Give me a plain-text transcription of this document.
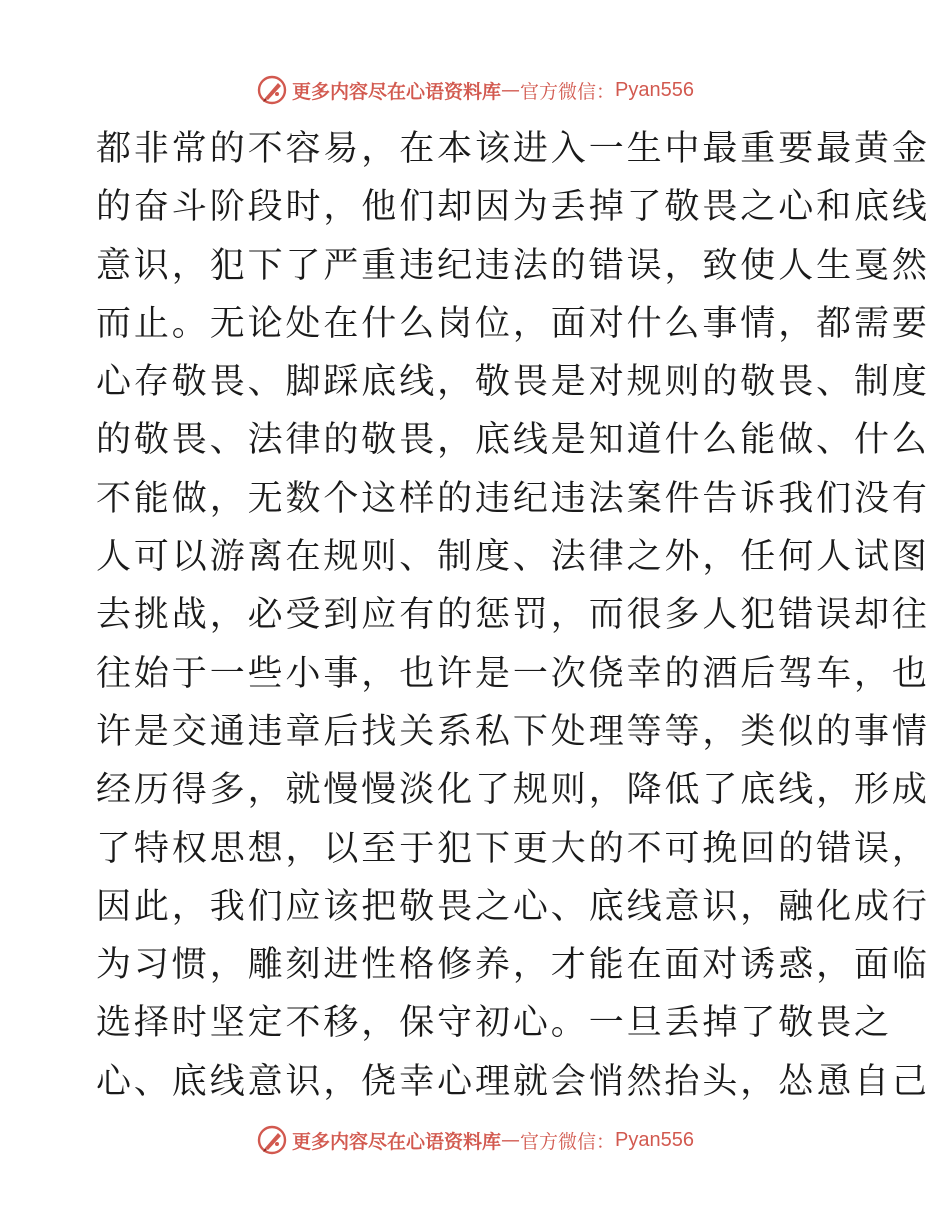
更多内容尽在心语资料库 — 官方微信： Pyan556
都非常的不容易，在本该进入一生中最重要最黄金
的奋斗阶段时，他们却因为丢掉了敬畏之心和底线
意识，犯下了严重违纪违法的错误，致使人生戛然
而止。无论处在什么岗位，面对什么事情，都需要
心存敬畏、脚踩底线，敬畏是对规则的敬畏、制度
的敬畏、法律的敬畏，底线是知道什么能做、什么
不能做，无数个这样的违纪违法案件告诉我们没有
人可以游离在规则、制度、法律之外，任何人试图
去挑战，必受到应有的惩罚，而很多人犯错误却往
往始于一些小事，也许是一次侥幸的酒后驾车，也
许是交通违章后找关系私下处理等等，类似的事情
经历得多，就慢慢淡化了规则，降低了底线，形成
了特权思想，以至于犯下更大的不可挽回的错误，
因此，我们应该把敬畏之心、底线意识，融化成行
为习惯，雕刻进性格修养，才能在面对诱惑，面临
选择时坚定不移，保守初心。一旦丢掉了敬畏之
心、底线意识，侥幸心理就会悄然抬头，怂恿自己
更多内容尽在心语资料库 — 官方微信： Pyan556
